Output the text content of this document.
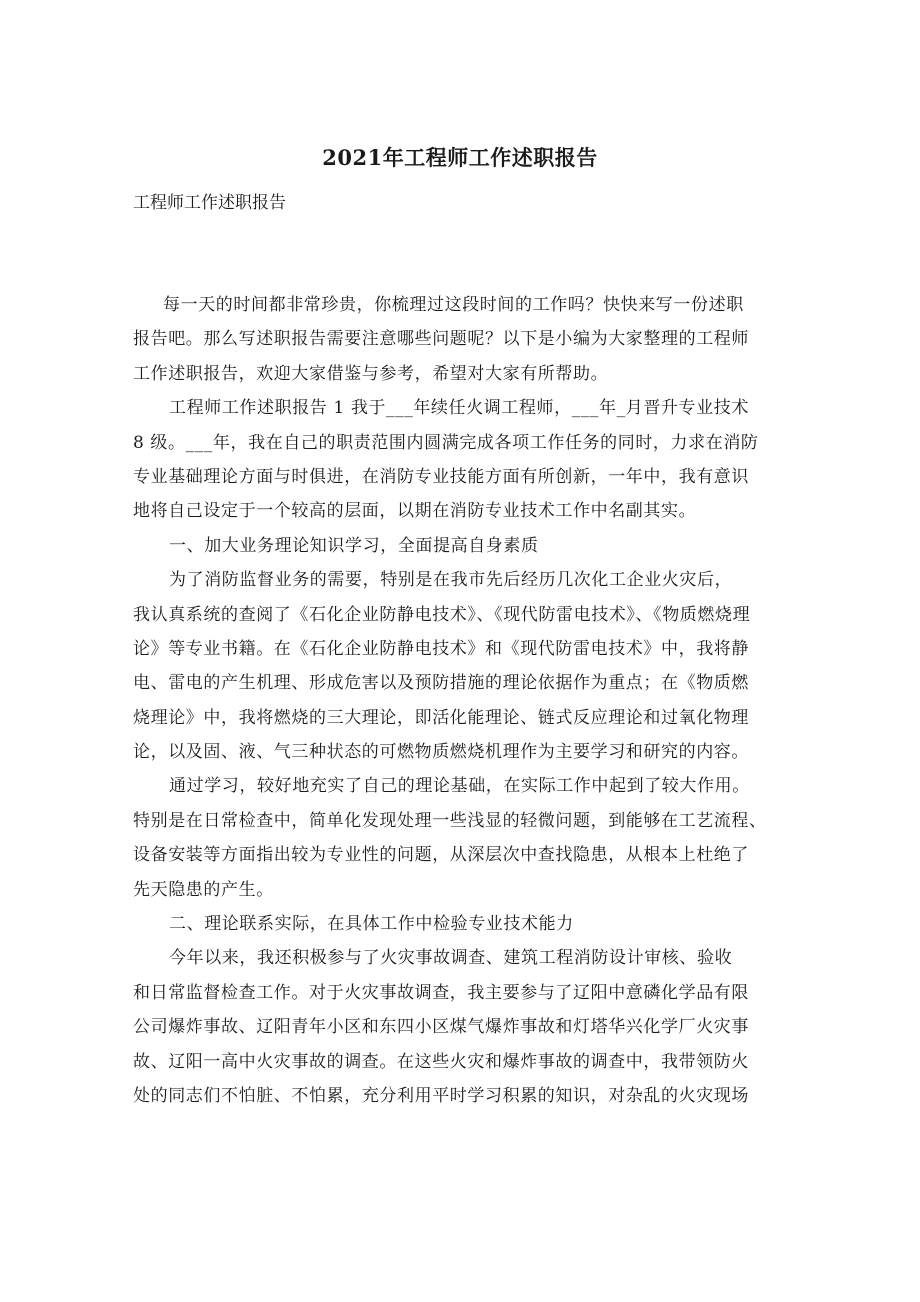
2021年工程师工作述职报告

工程师工作述职报告

每一天的时间都非常珍贵，你梳理过这段时间的工作吗？快快来写一份述职
报告吧。那么写述职报告需要注意哪些问题呢？以下是小编为大家整理的工程师
工作述职报告，欢迎大家借鉴与参考，希望对大家有所帮助。
工程师工作述职报告 1 我于___年续任火调工程师，___年_月晋升专业技术
8 级。___年，我在自己的职责范围内圆满完成各项工作任务的同时，力求在消防
专业基础理论方面与时俱进，在消防专业技能方面有所创新，一年中，我有意识
地将自己设定于一个较高的层面，以期在消防专业技术工作中名副其实。
一、加大业务理论知识学习，全面提高自身素质
为了消防监督业务的需要，特别是在我市先后经历几次化工企业火灾后，
我认真系统的查阅了《石化企业防静电技术》、《现代防雷电技术》、《物质燃烧理
论》等专业书籍。在《石化企业防静电技术》和《现代防雷电技术》中，我将静
电、雷电的产生机理、形成危害以及预防措施的理论依据作为重点；在《物质燃
烧理论》中，我将燃烧的三大理论，即活化能理论、链式反应理论和过氧化物理
论，以及固、液、气三种状态的可燃物质燃烧机理作为主要学习和研究的内容。
通过学习，较好地充实了自己的理论基础，在实际工作中起到了较大作用。
特别是在日常检查中，简单化发现处理一些浅显的轻微问题，到能够在工艺流程、
设备安装等方面指出较为专业性的问题，从深层次中查找隐患，从根本上杜绝了
先天隐患的产生。
二、理论联系实际，在具体工作中检验专业技术能力
今年以来，我还积极参与了火灾事故调查、建筑工程消防设计审核、验收
和日常监督检查工作。对于火灾事故调查，我主要参与了辽阳中意磷化学品有限
公司爆炸事故、辽阳青年小区和东四小区煤气爆炸事故和灯塔华兴化学厂火灾事
故、辽阳一高中火灾事故的调查。在这些火灾和爆炸事故的调查中，我带领防火
处的同志们不怕脏、不怕累，充分利用平时学习积累的知识，对杂乱的火灾现场
